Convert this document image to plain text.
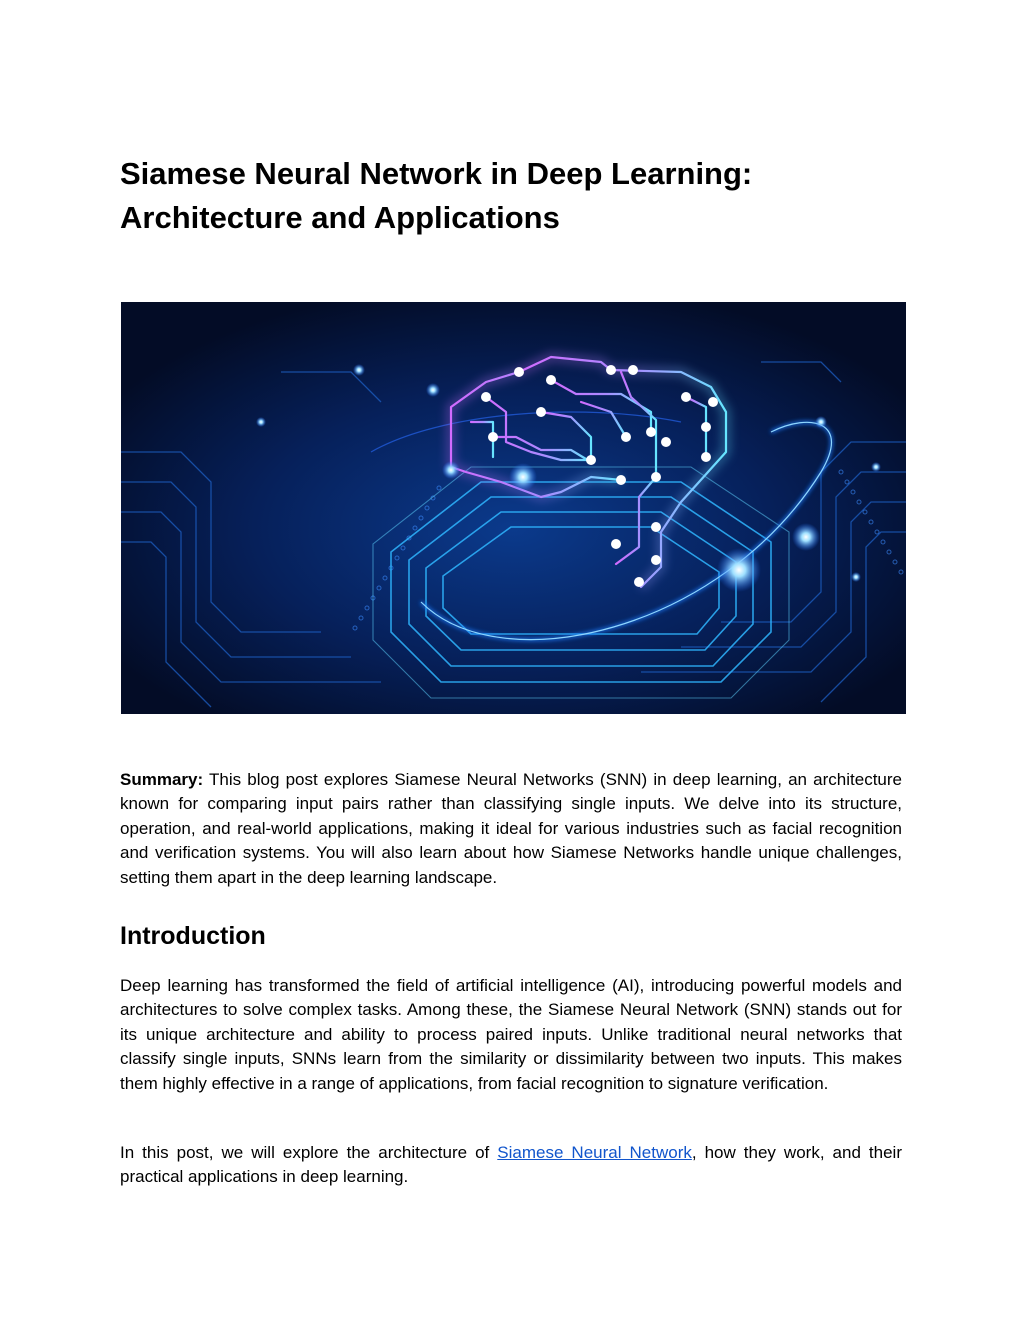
Siamese Neural Network in Deep Learning:
Architecture and Applications

Summary: This blog post explores Siamese Neural Networks (SNN) in deep learning, an architecture known for comparing input pairs rather than classifying single inputs. We delve into its structure, operation, and real-world applications, making it ideal for various industries such as facial recognition and verification systems. You will also learn about how Siamese Networks handle unique challenges, setting them apart in the deep learning landscape.

Introduction

Deep learning has transformed the field of artificial intelligence (AI), introducing powerful models and architectures to solve complex tasks. Among these, the Siamese Neural Network (SNN) stands out for its unique architecture and ability to process paired inputs. Unlike traditional neural networks that classify single inputs, SNNs learn from the similarity or dissimilarity between two inputs. This makes them highly effective in a range of applications, from facial recognition to signature verification.

In this post, we will explore the architecture of Siamese Neural Network, how they work, and their practical applications in deep learning.
